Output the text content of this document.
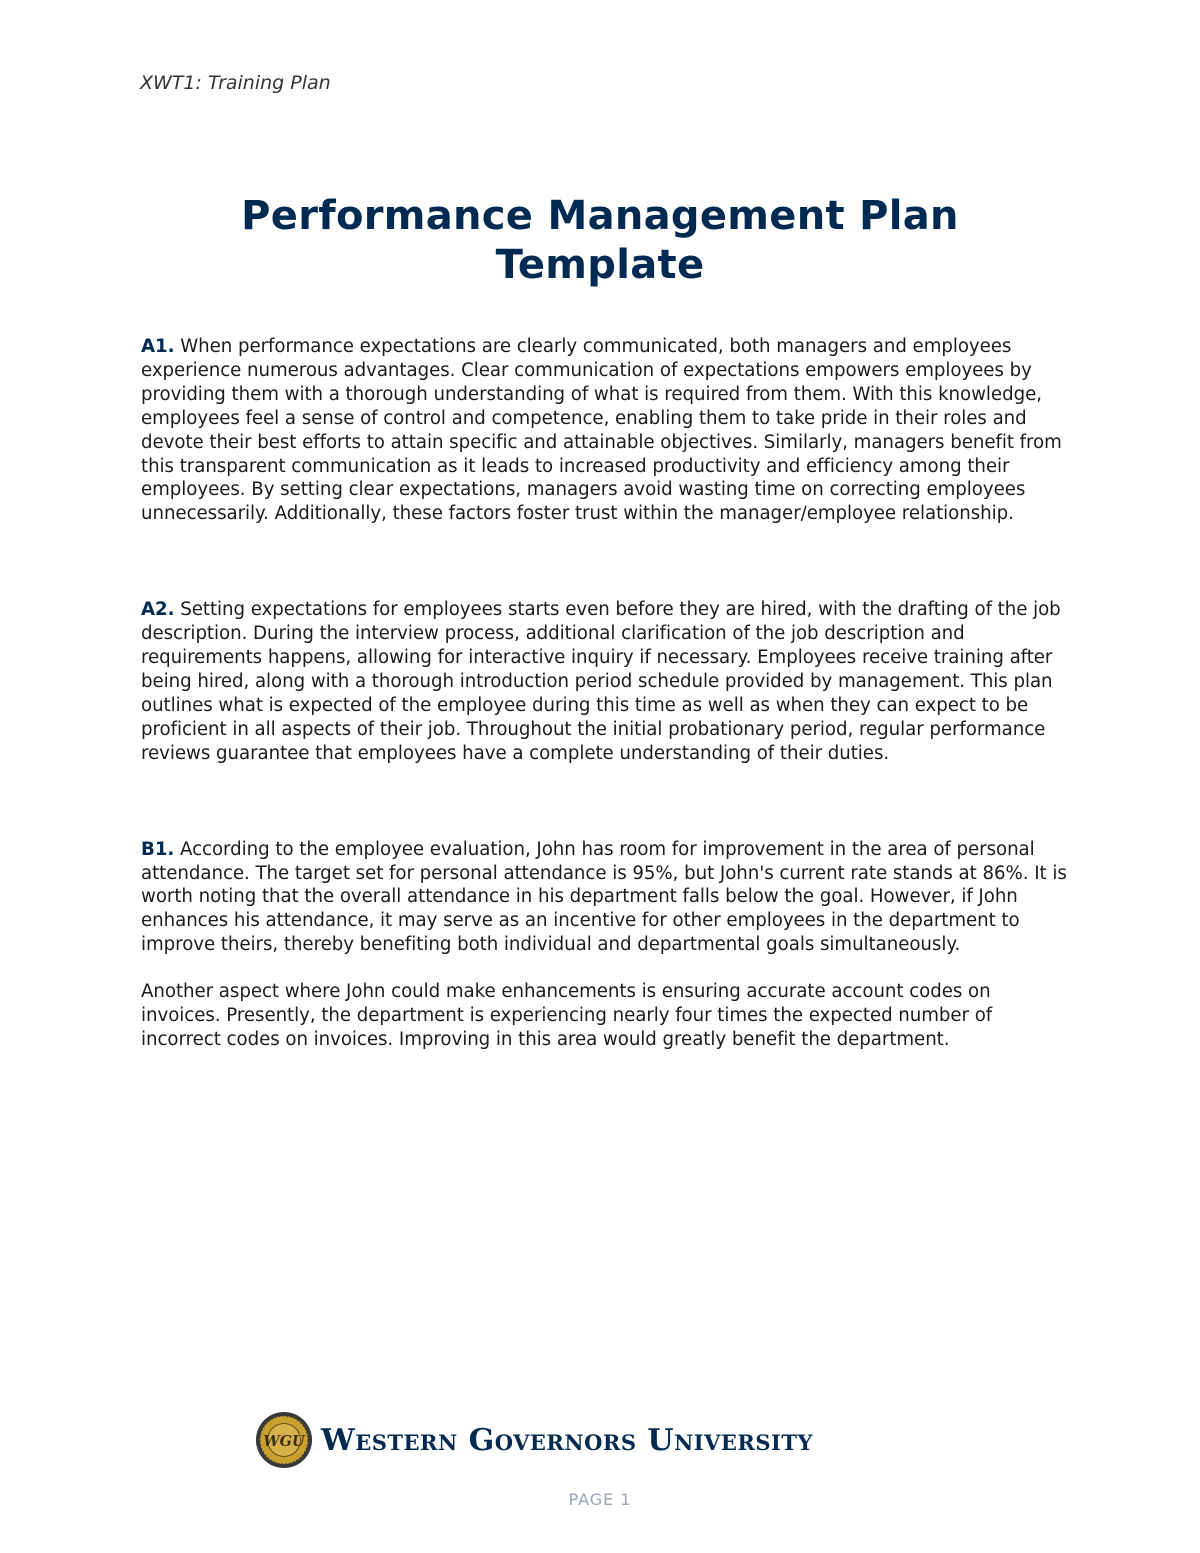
XWT1: Training Plan
Performance Management Plan
Template

A1. When performance expectations are clearly communicated, both managers and employees experience numerous advantages. Clear communication of expectations empowers employees by providing them with a thorough understanding of what is required from them. With this knowledge, employees feel a sense of control and competence, enabling them to take pride in their roles and devote their best efforts to attain specific and attainable objectives. Similarly, managers benefit from this transparent communication as it leads to increased productivity and efficiency among their employees. By setting clear expectations, managers avoid wasting time on correcting employees unnecessarily. Additionally, these factors foster trust within the manager/employee relationship.

A2. Setting expectations for employees starts even before they are hired, with the drafting of the job description. During the interview process, additional clarification of the job description and requirements happens, allowing for interactive inquiry if necessary. Employees receive training after being hired, along with a thorough introduction period schedule provided by management. This plan outlines what is expected of the employee during this time as well as when they can expect to be proficient in all aspects of their job. Throughout the initial probationary period, regular performance reviews guarantee that employees have a complete understanding of their duties.

B1. According to the employee evaluation, John has room for improvement in the area of personal attendance. The target set for personal attendance is 95%, but John's current rate stands at 86%. It is worth noting that the overall attendance in his department falls below the goal. However, if John enhances his attendance, it may serve as an incentive for other employees in the department to improve theirs, thereby benefiting both individual and departmental goals simultaneously.

Another aspect where John could make enhancements is ensuring accurate account codes on invoices. Presently, the department is experiencing nearly four times the expected number of incorrect codes on invoices. Improving in this area would greatly benefit the department.

WGU Western Governors University
PAGE 1
